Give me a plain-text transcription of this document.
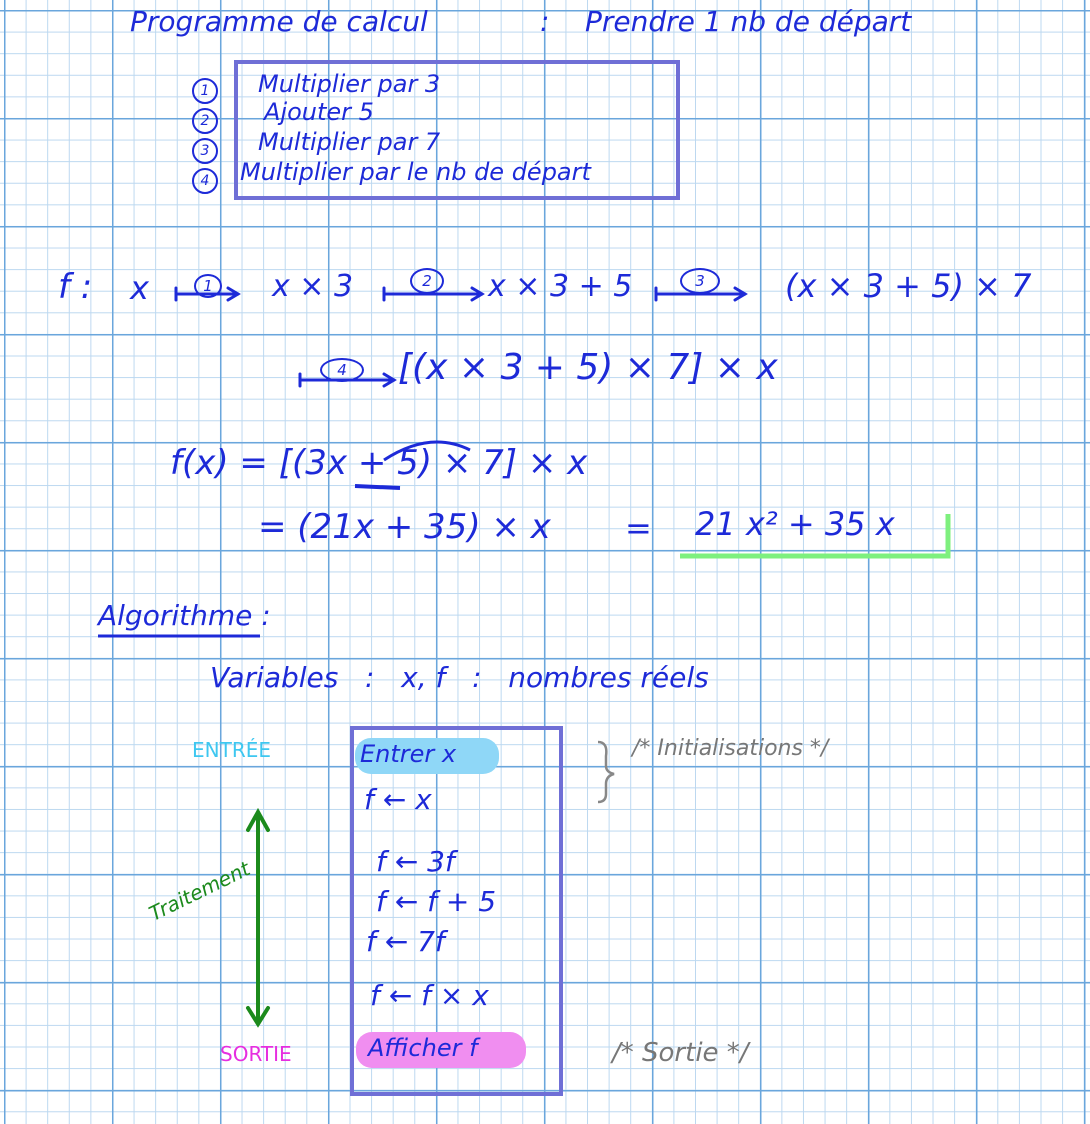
Programme de calcul	: Prendre 1 nb de départ
1	Multiplier par 3
2	Ajouter 5
3	Multiplier par 7
4	Multiplier par le nb de départ
f : x	x × 3	x × 3 + 5	(x × 3 + 5) × 7
[(x × 3 + 5) × 7] × x
1	2	3
4
f(x) = [(3x + 5) × 7] × x
= (21x + 35) × x = 21 x² + 35 x
Algorithme :
Variables   :   x, f   :   nombres réels
ENTRÉE
Traitement
SORTIE
Entrer x
f ← x
f ← 3f
f ← f + 5
f ← 7f
f ← f × x
Afficher f
/* Initialisations */
/* Sortie */
